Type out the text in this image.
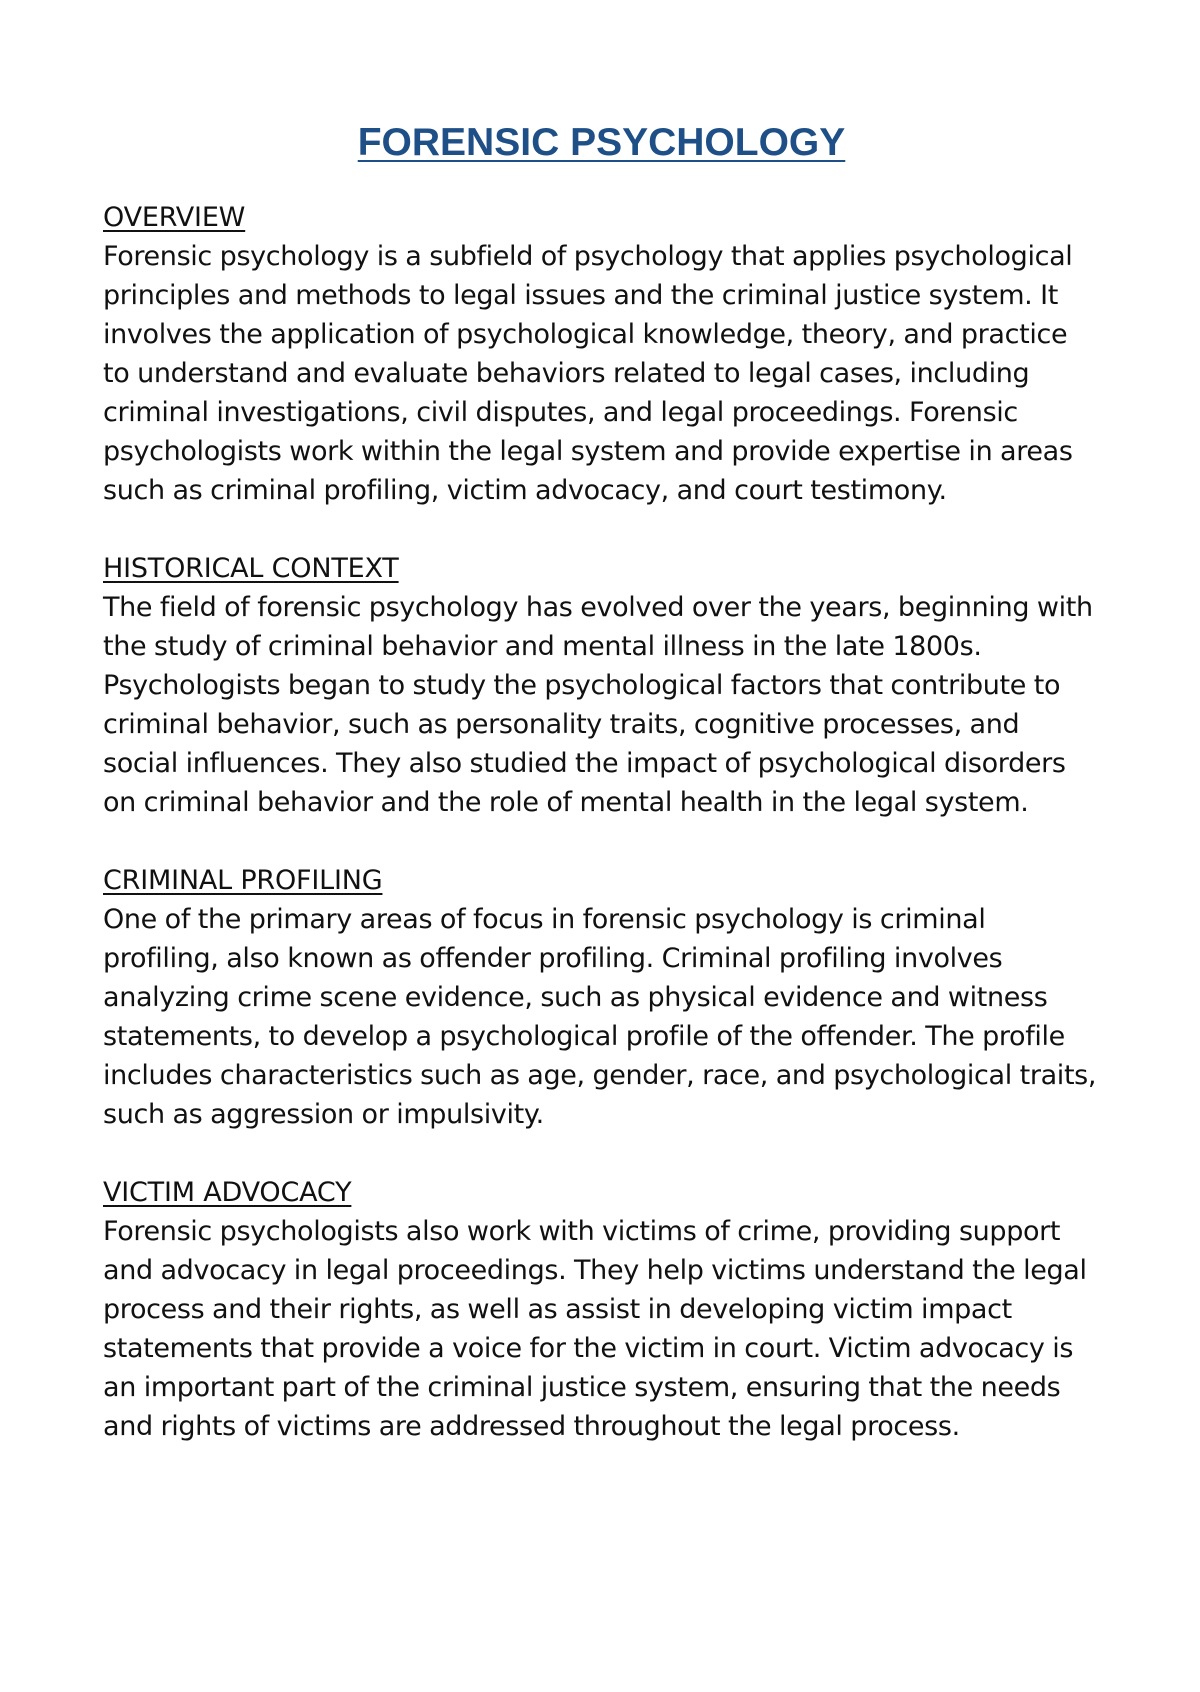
FORENSIC PSYCHOLOGY
OVERVIEW

Forensic psychology is a subfield of psychology that applies psychological principles and methods to legal issues and the criminal justice system. It involves the application of psychological knowledge, theory, and practice to understand and evaluate behaviors related to legal cases, including criminal investigations, civil disputes, and legal proceedings. Forensic psychologists work within the legal system and provide expertise in areas such as criminal profiling, victim advocacy, and court testimony.

HISTORICAL CONTEXT

The field of forensic psychology has evolved over the years, beginning with the study of criminal behavior and mental illness in the late 1800s. Psychologists began to study the psychological factors that contribute to criminal behavior, such as personality traits, cognitive processes, and social influences. They also studied the impact of psychological disorders on criminal behavior and the role of mental health in the legal system.

CRIMINAL PROFILING

One of the primary areas of focus in forensic psychology is criminal profiling, also known as offender profiling. Criminal profiling involves analyzing crime scene evidence, such as physical evidence and witness statements, to develop a psychological profile of the offender. The profile includes characteristics such as age, gender, race, and psychological traits, such as aggression or impulsivity.

VICTIM ADVOCACY

Forensic psychologists also work with victims of crime, providing support and advocacy in legal proceedings. They help victims understand the legal process and their rights, as well as assist in developing victim impact statements that provide a voice for the victim in court. Victim advocacy is an important part of the criminal justice system, ensuring that the needs and rights of victims are addressed throughout the legal process.
